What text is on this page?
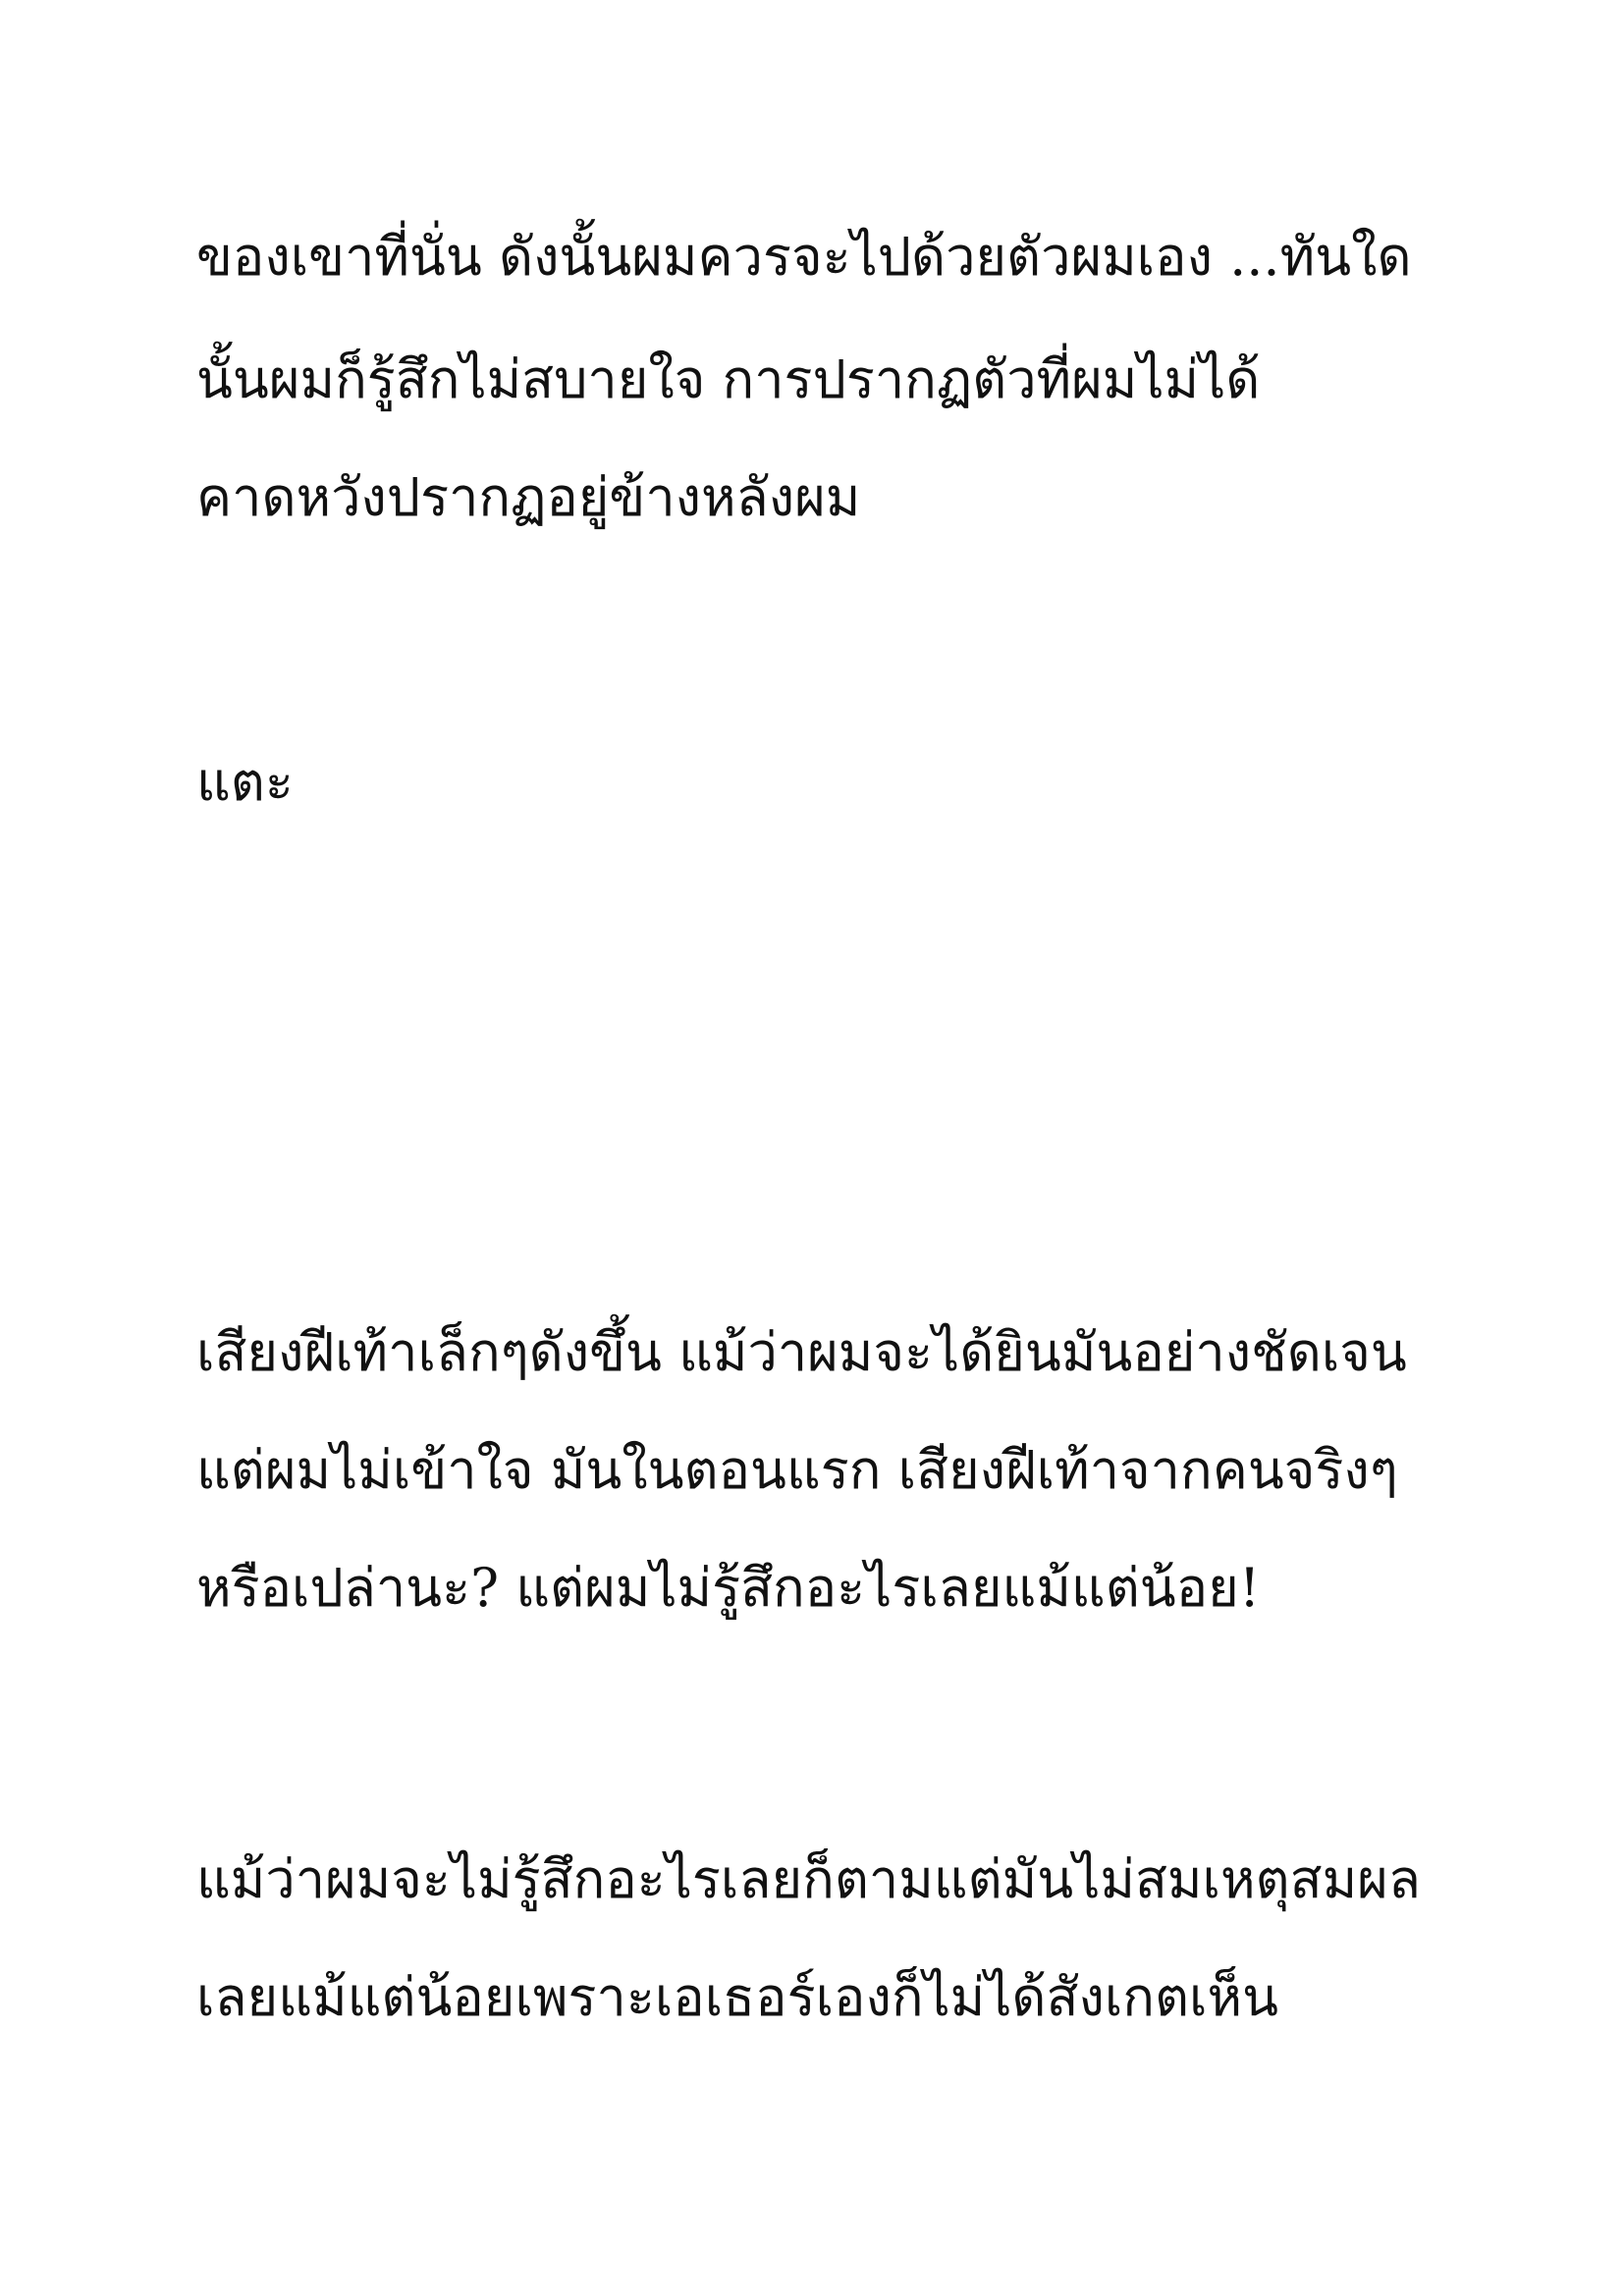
ของเขาที่นั่น ดังนั้นผมควรจะไปด้วยตัวผมเอง ...ทันใด

นั้นผมก็รู้สึกไม่สบายใจ การปรากฏตัวที่ผมไม่ได้

คาดหวังปรากฏอยู่ข้างหลังผม

แตะ

เสียงฝีเท้าเล็กๆดังขึ้น แม้ว่าผมจะได้ยินมันอย่างชัดเจน

แต่ผมไม่เข้าใจ มันในตอนแรก เสียงฝีเท้าจากคนจริงๆ

หรือเปล่านะ? แต่ผมไม่รู้สึกอะไรเลยแม้แต่น้อย!

แม้ว่าผมจะไม่รู้สึกอะไรเลยก็ตามแต่มันไม่สมเหตุสมผล

เลยแม้แต่น้อยเพราะเอเธอร์เองก็ไม่ได้สังเกตเห็น
